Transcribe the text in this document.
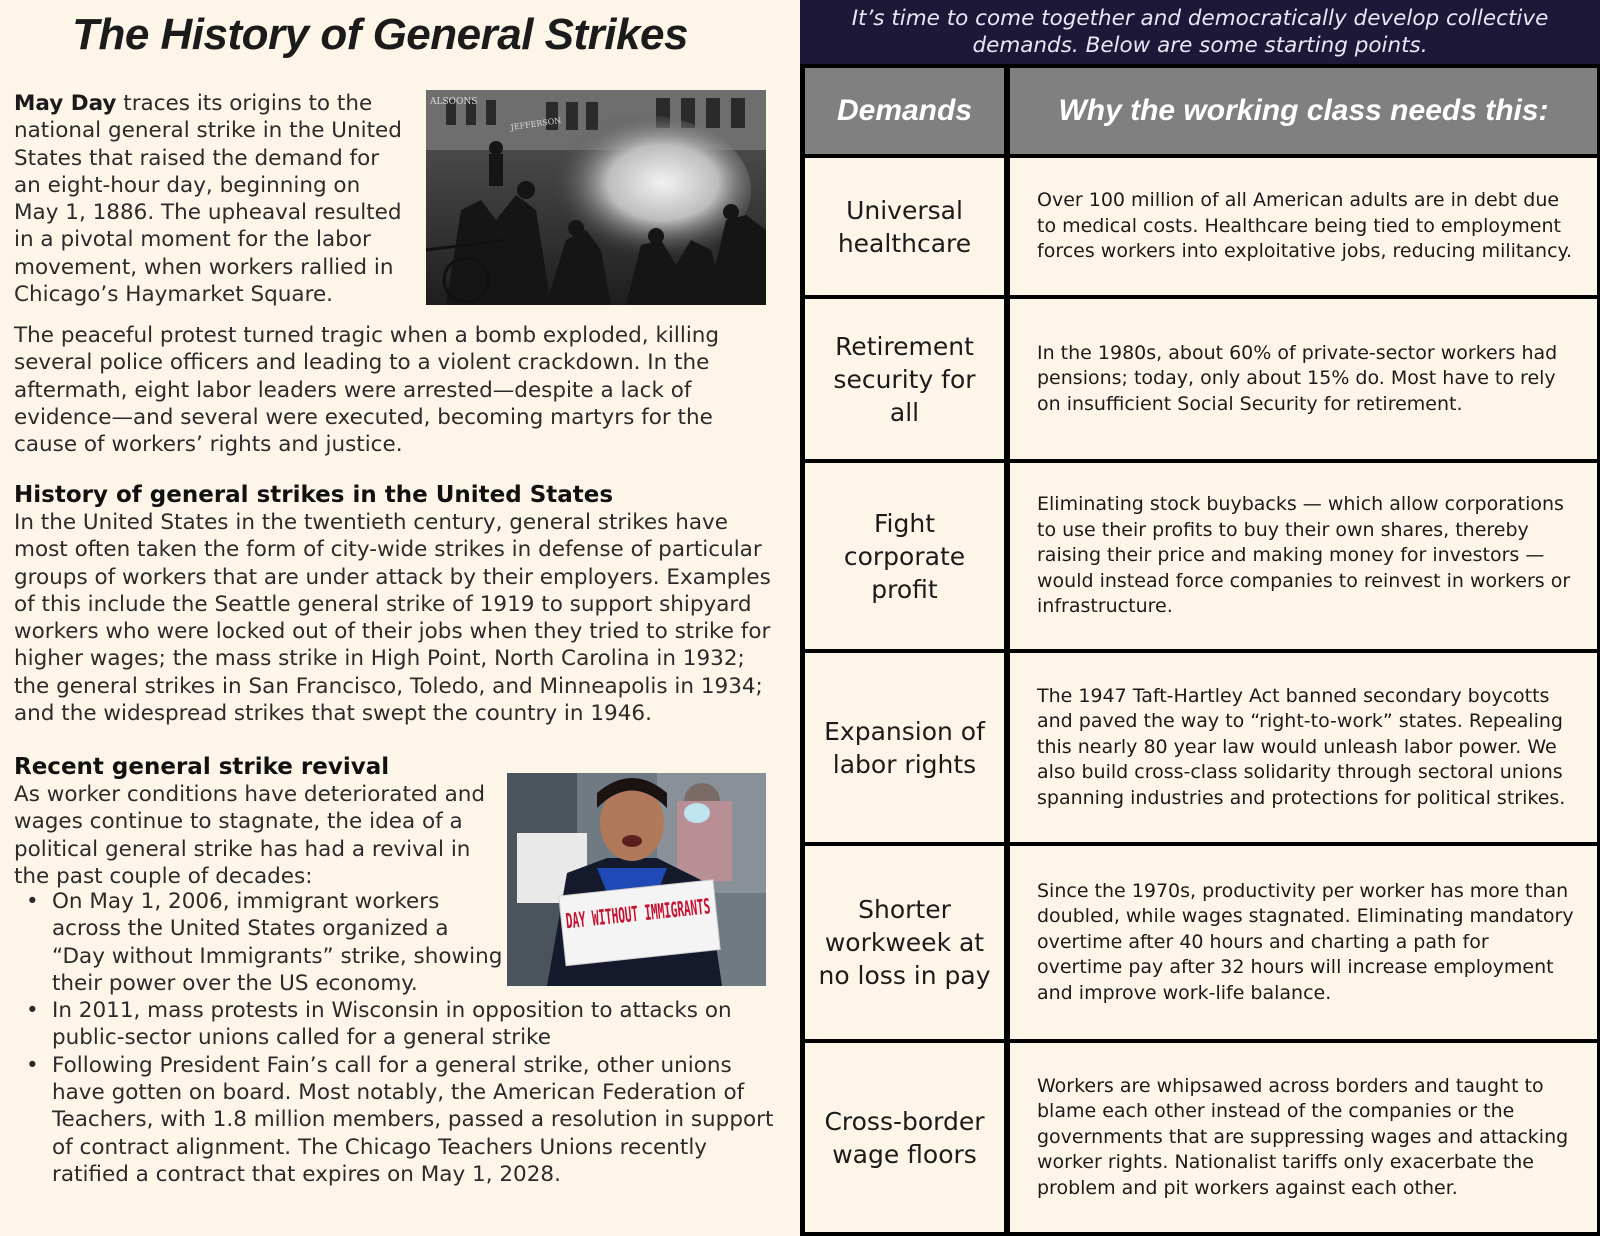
The History of General Strikes

May Day traces its origins to the national general strike in the United States that raised the demand for an eight-hour day, beginning on May 1, 1886. The upheaval resulted in a pivotal moment for the labor movement, when workers rallied in Chicago’s Haymarket Square.

ALSOONS
JEFFERSON

The peaceful protest turned tragic when a bomb exploded, killing several police officers and leading to a violent crackdown. In the aftermath, eight labor leaders were arrested—despite a lack of evidence—and several were executed, becoming martyrs for the cause of workers’ rights and justice.

History of general strikes in the United States

In the United States in the twentieth century, general strikes have most often taken the form of city-wide strikes in defense of particular groups of workers that are under attack by their employers. Examples of this include the Seattle general strike of 1919 to support shipyard workers who were locked out of their jobs when they tried to strike for higher wages; the mass strike in High Point, North Carolina in 1932; the general strikes in San Francisco, Toledo, and Minneapolis in 1934; and the widespread strikes that swept the country in 1946.

Recent general strike revival

As worker conditions have deteriorated and wages continue to stagnate, the idea of a political general strike has had a revival in the past couple of decades:

DAY WITHOUT IMMIGRANTS
• On May 1, 2006, immigrant workers across the United States organized a “Day without Immigrants” strike, showing their power over the US economy.
• In 2011, mass protests in Wisconsin in opposition to attacks on public-sector unions called for a general strike
• Following President Fain’s call for a general strike, other unions have gotten on board. Most notably, the American Federation of Teachers, with 1.8 million members, passed a resolution in support of contract alignment. The Chicago Teachers Unions recently ratified a contract that expires on May 1, 2028.
It’s time to come together and democratically develop collective demands. Below are some starting points.
Demands	Why the working class needs this:
Universal healthcare
Over 100 million of all American adults are in debt due to medical costs. Healthcare being tied to employment forces workers into exploitative jobs, reducing militancy.
Retirement security for all
In the 1980s, about 60% of private-sector workers had pensions; today, only about 15% do. Most have to rely on insufficient Social Security for retirement.
Fight corporate profit
Eliminating stock buybacks — which allow corporations to use their profits to buy their own shares, thereby raising their price and making money for investors — would instead force companies to reinvest in workers or infrastructure.
Expansion of labor rights
The 1947 Taft-Hartley Act banned secondary boycotts and paved the way to “right-to-work” states. Repealing this nearly 80 year law would unleash labor power. We also build cross-class solidarity through sectoral unions spanning industries and protections for political strikes.
Shorter workweek at no loss in pay
Since the 1970s, productivity per worker has more than doubled, while wages stagnated. Eliminating mandatory overtime after 40 hours and charting a path for overtime pay after 32 hours will increase employment and improve work-life balance.
Cross-border wage floors
Workers are whipsawed across borders and taught to blame each other instead of the companies or the governments that are suppressing wages and attacking worker rights. Nationalist tariffs only exacerbate the problem and pit workers against each other.
